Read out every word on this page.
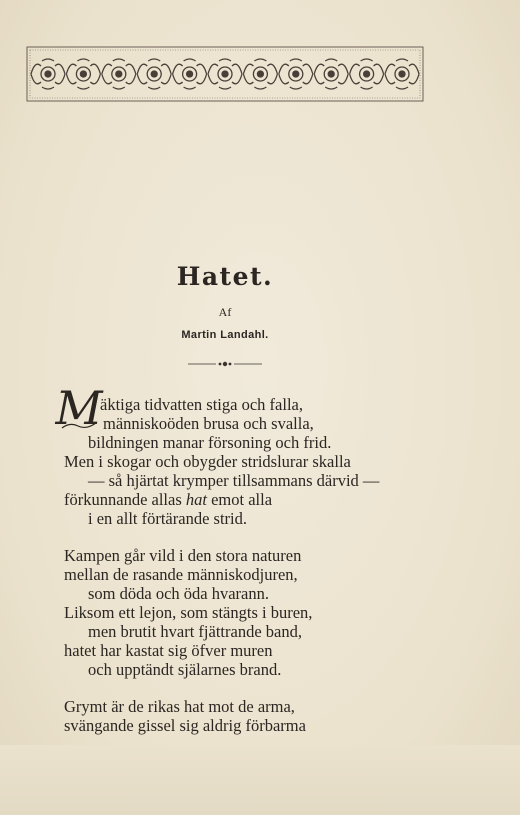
Hatet.
Af
Martin Landahl.
M
äktiga tidvatten stiga och falla,
människoöden brusa och svalla,
bildningen manar försoning och frid.
Men i skogar och obygder stridslurar skalla
— så hjärtat krymper tillsammans därvid —
förkunnande allas hat emot alla
i en allt förtärande strid.
Kampen går vild i den stora naturen
mellan de rasande människodjuren,
som döda och öda hvarann.
Liksom ett lejon, som stängts i buren,
men brutit hvart fjättrande band,
hatet har kastat sig öfver muren
och upptändt själarnes brand.
Grymt är de rikas hat mot de arma,
svängande gissel sig aldrig förbarma
